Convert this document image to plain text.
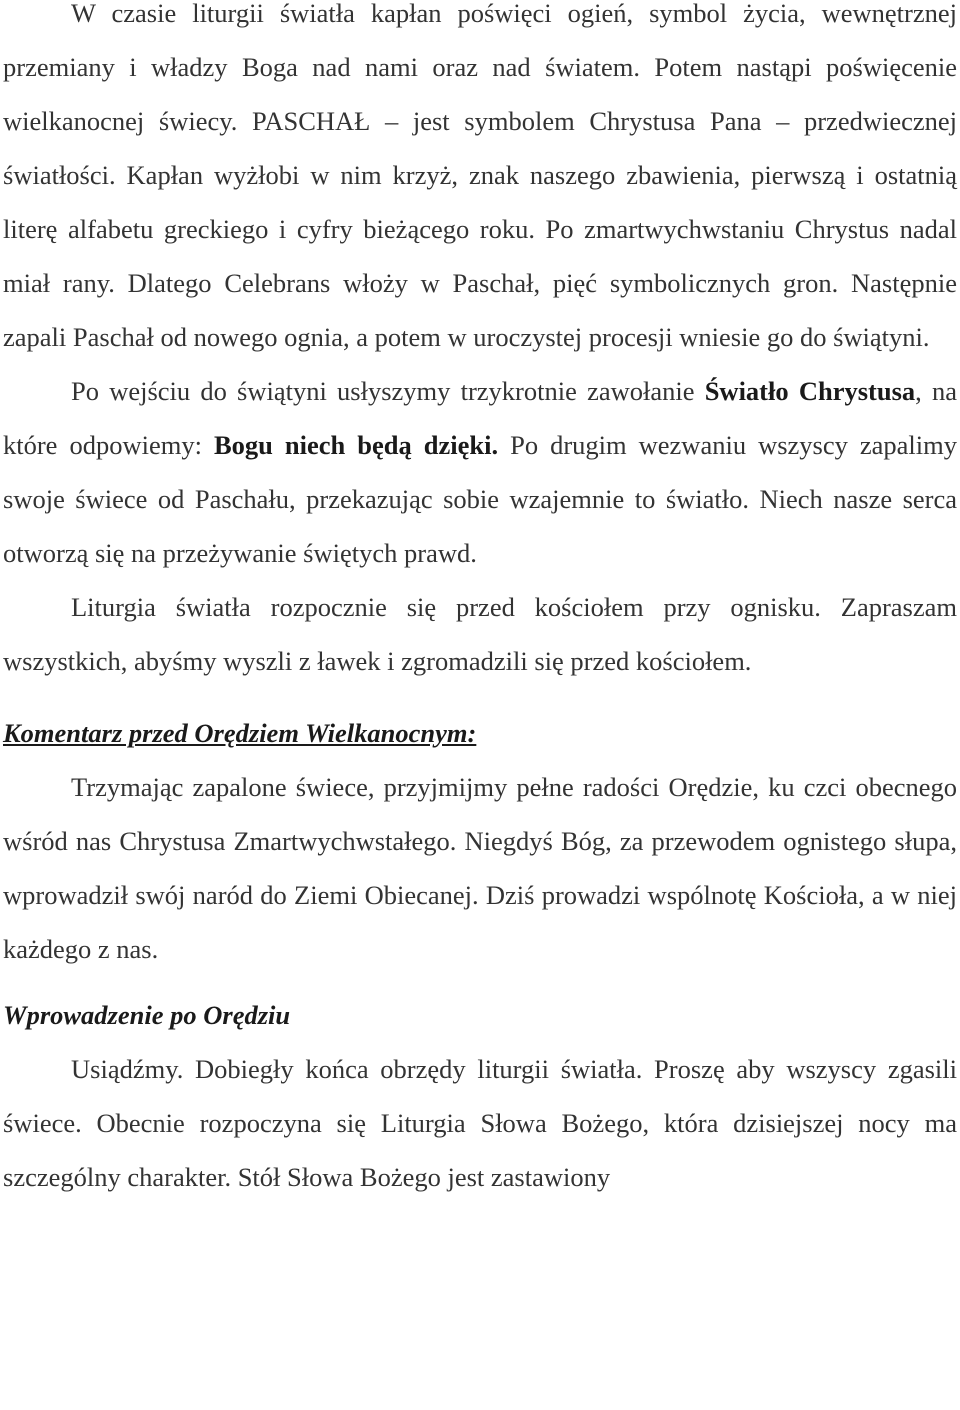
W czasie liturgii światła kapłan poświęci ogień, symbol życia, wewnętrznej przemiany i władzy Boga nad nami oraz nad światem. Potem nastąpi poświęcenie wielkanocnej świecy. PASCHAŁ – jest symbolem Chrystusa Pana – przedwiecznej światłości. Kapłan wyżłobi w nim krzyż, znak naszego zbawienia, pierwszą i ostatnią literę alfabetu greckiego i cyfry bieżącego roku. Po zmartwychwstaniu Chrystus nadal miał rany. Dlatego Celebrans włoży w Paschał, pięć symbolicznych gron. Następnie zapali Paschał od nowego ognia, a potem w uroczystej procesji wniesie go do świątyni.

Po wejściu do świątyni usłyszymy trzykrotnie zawołanie Światło Chrystusa, na które odpowiemy: Bogu niech będą dzięki. Po drugim wezwaniu wszyscy zapalimy swoje świece od Paschału, przekazując sobie wzajemnie to światło. Niech nasze serca otworzą się na przeżywanie świętych prawd.

Liturgia światła rozpocznie się przed kościołem przy ognisku. Zapraszam wszystkich, abyśmy wyszli z ławek i zgromadzili się przed kościołem.

Komentarz przed Orędziem Wielkanocnym:

Trzymając zapalone świece, przyjmijmy pełne radości Orędzie, ku czci obecnego wśród nas Chrystusa Zmartwychwstałego. Niegdyś Bóg, za przewodem ognistego słupa, wprowadził swój naród do Ziemi Obiecanej. Dziś prowadzi wspólnotę Kościoła, a w niej każdego z nas.

Wprowadzenie po Orędziu

Usiądźmy. Dobiegły końca obrzędy liturgii światła. Proszę aby wszyscy zgasili świece. Obecnie rozpoczyna się Liturgia Słowa Bożego, która dzisiejszej nocy ma szczególny charakter. Stół Słowa Bożego jest zastawiony
